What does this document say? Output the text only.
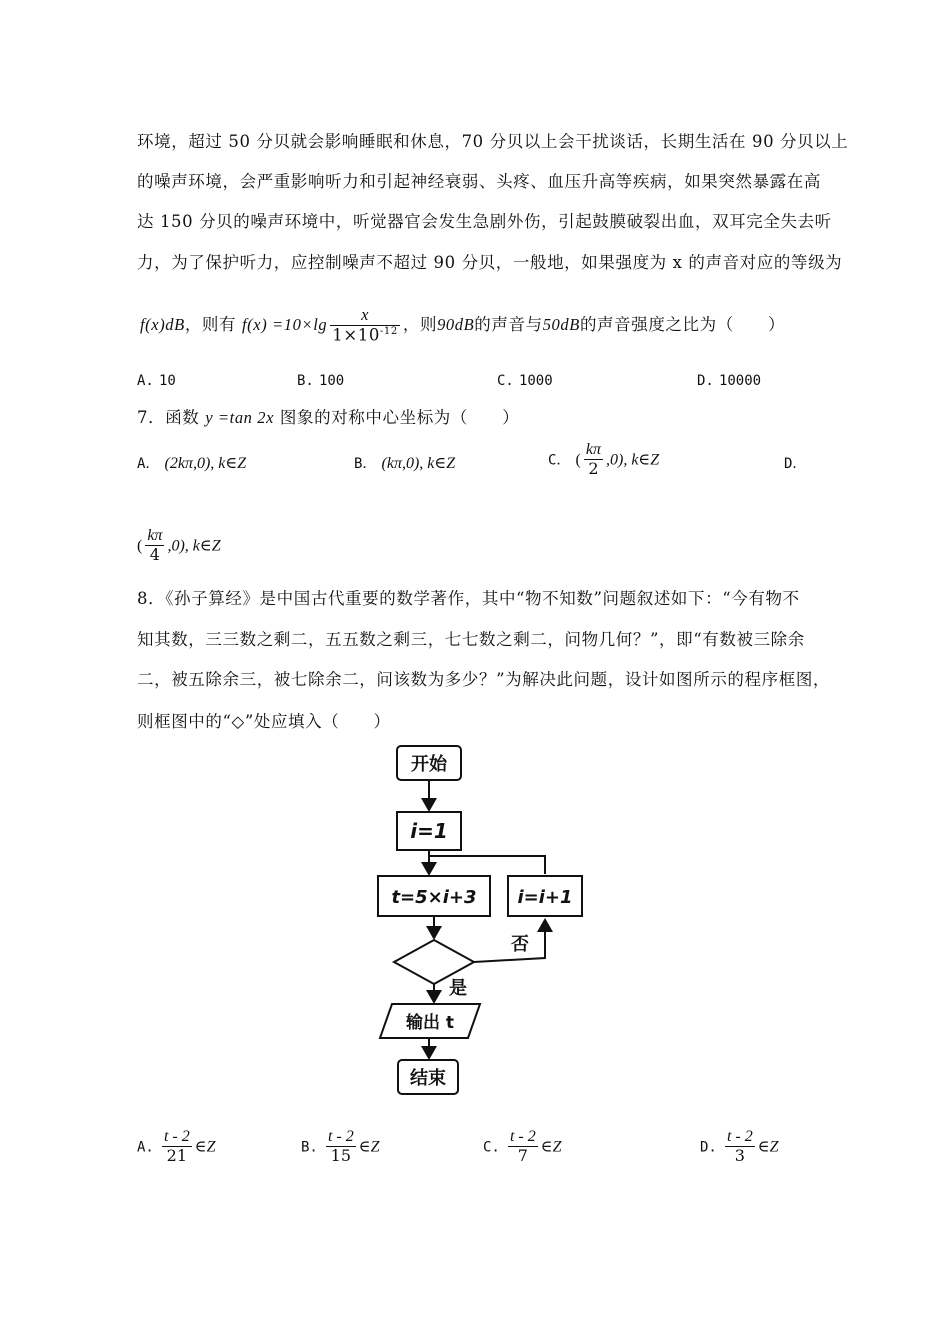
环境，超过 50 分贝就会影响睡眠和休息，70 分贝以上会干扰谈话，长期生活在 90 分贝以上
的噪声环境，会严重影响听力和引起神经衰弱、头疼、血压升高等疾病，如果突然暴露在高
达 150 分贝的噪声环境中，听觉器官会发生急剧外伤，引起鼓膜破裂出血，双耳完全失去听
力，为了保护听力，应控制噪声不超过 90 分贝，一般地，如果强度为 x 的声音对应的等级为
f(x)dB，则有 $f(x) =10\times\lg \frac{x}{1\times 10^{-12}}$ ，则90dB的声音与50dB的声音强度之比为（　　）
A. 10	B. 100	C. 1000	D. 10000
7．函数 y =tan 2x 图象的对称中心坐标为（　　）
A． (2kπ,0), k∈Z	B． (kπ,0), k∈Z	C． ( $\frac{k\pi}{2} ,0$), k∈Z	D．
( $\frac{k\pi}{4} ,0$), k∈Z
8．《孙子算经》是中国古代重要的数学著作，其中“物不知数”问题叙述如下：“今有物不
知其数，三三数之剩二，五五数之剩三，七七数之剩二，问物几何？”，即“有数被三除余
二，被五除余三，被七除余二，问该数为多少？”为解决此问题，设计如图所示的程序框图，
则框图中的“◇”处应填入（　　）
开始
i=1
t=5×i+3 i=i+1
否
是
输出 t
结束
A. $\frac{t - 2}{21}$ ∈Z	B. $\frac{t - 2}{15}$ ∈Z	C. $\frac{t - 2}{7}$ ∈Z	D. $\frac{t - 2}{3}$ ∈Z
